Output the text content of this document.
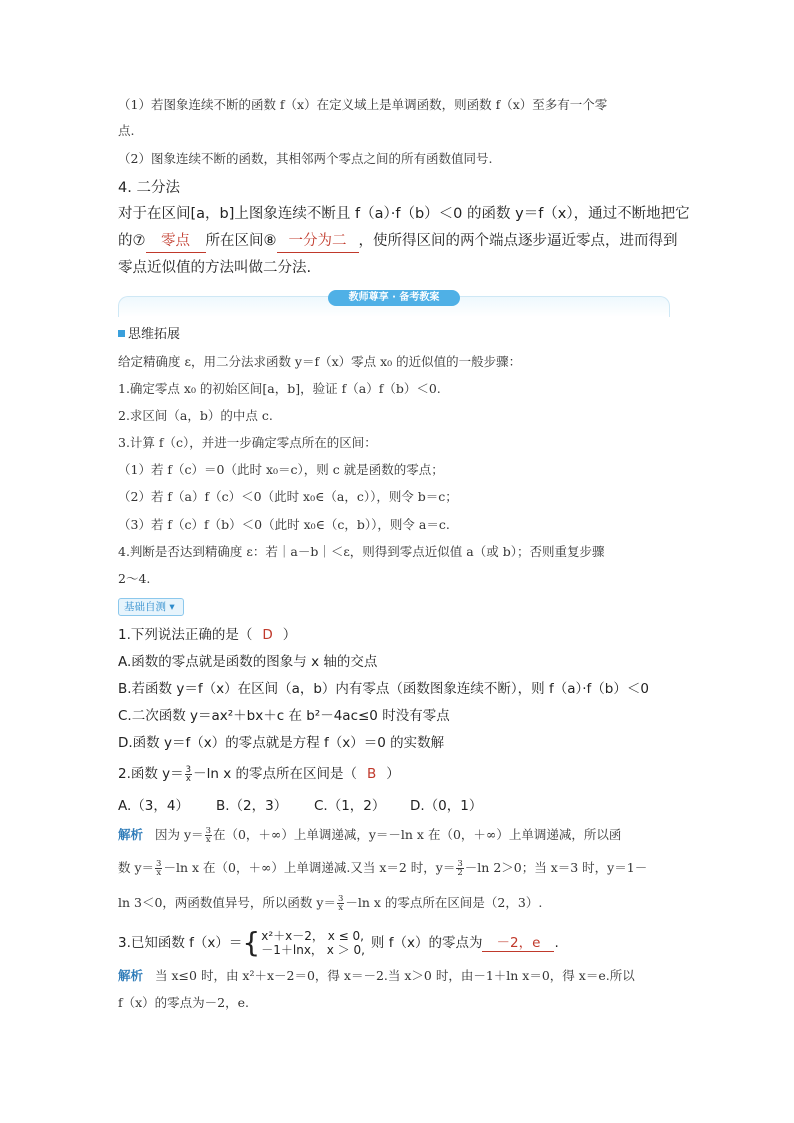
（1）若图象连续不断的函数 f（x）在定义域上是单调函数，则函数 f（x）至多有一个零
点.
（2）图象连续不断的函数，其相邻两个零点之间的所有函数值同号.
4. 二分法
对于在区间[a，b]上图象连续不断且 f（a）·f（b）＜0 的函数 y＝f（x），通过不断地把它
的⑦ 零点 所在区间⑧ 一分为二 ，使所得区间的两个端点逐步逼近零点，进而得到
零点近似值的方法叫做二分法.
教师尊享 · 备考教案
思维拓展
给定精确度 ε，用二分法求函数 y＝f（x）零点 x₀ 的近似值的一般步骤：
1.确定零点 x₀ 的初始区间[a，b]，验证 f（a）f（b）＜0.
2.求区间（a，b）的中点 c.
3.计算 f（c），并进一步确定零点所在的区间：
（1）若 f（c）＝0（此时 x₀＝c），则 c 就是函数的零点；
（2）若 f（a）f（c）＜0（此时 x₀∈（a，c）），则令 b＝c；
（3）若 f（c）f（b）＜0（此时 x₀∈（c，b）），则令 a＝c.
4.判断是否达到精确度 ε：若｜a－b｜＜ε，则得到零点近似值 a（或 b）；否则重复步骤
2～4.
基础自测 ▾
1.下列说法正确的是（ D ）
A.函数的零点就是函数的图象与 x 轴的交点
B.若函数 y＝f（x）在区间（a，b）内有零点（函数图象连续不断），则 f（a）·f（b）＜0
C.二次函数 y＝ax²＋bx＋c 在 b²－4ac≤0 时没有零点
D.函数 y＝f（x）的零点就是方程 f（x）＝0 的实数解
2.函数 $y= \frac{3}{x} -\ln$ x 的零点所在区间是（ B ）
A.（3，4） B.（2，3） C.（1，2） D.（0，1）
解析 因为 $y= \frac{3}{x}$ 在（0，＋∞）上单调递减，y＝－ln x 在（0，＋∞）上单调递减，所以函
数 $y= \frac{3}{x} -\ln$ x 在（0，＋∞）上单调递减.又当 x＝2 时，$y= \frac{3}{2} -\ln$ 2＞0；当 x＝3 时，y＝1－
ln 3＜0，两函数值异号，所以函数 $y= \frac{3}{x} -\ln$ x 的零点所在区间是（2，3）.
3.已知函数 f（x）＝{ x²＋x－2， x ≤ 0,
－1＋lnx， x ＞ 0, 则 f（x）的零点为 －2，e .
解析 当 x≤0 时，由 x²＋x－2＝0，得 x＝－2.当 x＞0 时，由－1＋ln x＝0，得 x＝e.所以
f（x）的零点为－2，e.
